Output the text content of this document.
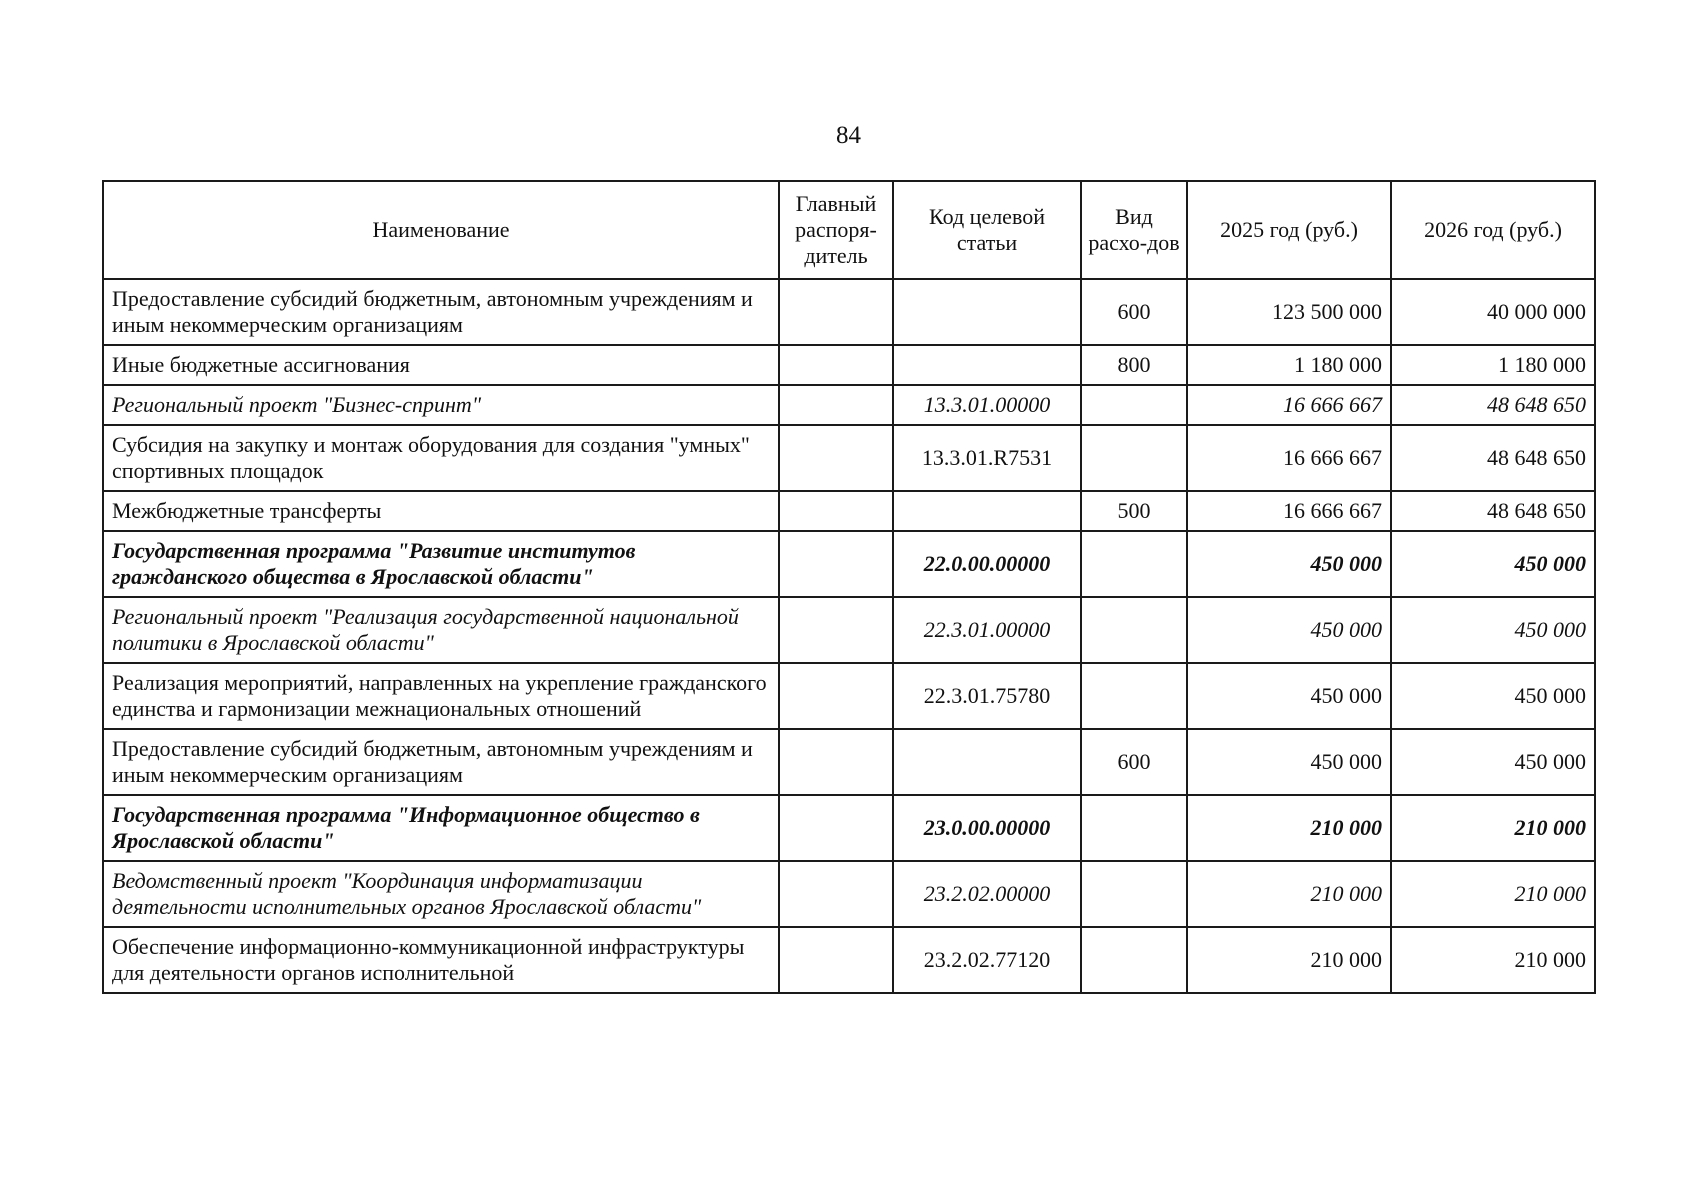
84
Наименование	Главный распоря-дитель	Код целевой статьи	Вид расхо-дов	2025 год (руб.)	2026 год (руб.)
Предоставление субсидий бюджетным, автономным учреждениям и иным некоммерческим организациям			600	123 500 000	40 000 000
Иные бюджетные ассигнования			800	1 180 000	1 180 000
Региональный проект "Бизнес-спринт"		13.3.01.00000		16 666 667	48 648 650
Субсидия на закупку и монтаж оборудования для создания "умных" спортивных площадок		13.3.01.R7531		16 666 667	48 648 650
Межбюджетные трансферты			500	16 666 667	48 648 650
Государственная программа "Развитие институтов гражданского общества в Ярославской области"		22.0.00.00000		450 000	450 000
Региональный проект "Реализация государственной национальной политики в Ярославской области"		22.3.01.00000		450 000	450 000
Реализация мероприятий, направленных на укрепление гражданского единства и гармонизации межнациональных отношений		22.3.01.75780		450 000	450 000
Предоставление субсидий бюджетным, автономным учреждениям и иным некоммерческим организациям			600	450 000	450 000
Государственная программа "Информационное общество в Ярославской области"		23.0.00.00000		210 000	210 000
Ведомственный проект "Координация информатизации деятельности исполнительных органов Ярославской области"		23.2.02.00000		210 000	210 000
Обеспечение информационно-коммуникационной инфраструктуры для деятельности органов исполнительной		23.2.02.77120		210 000	210 000
